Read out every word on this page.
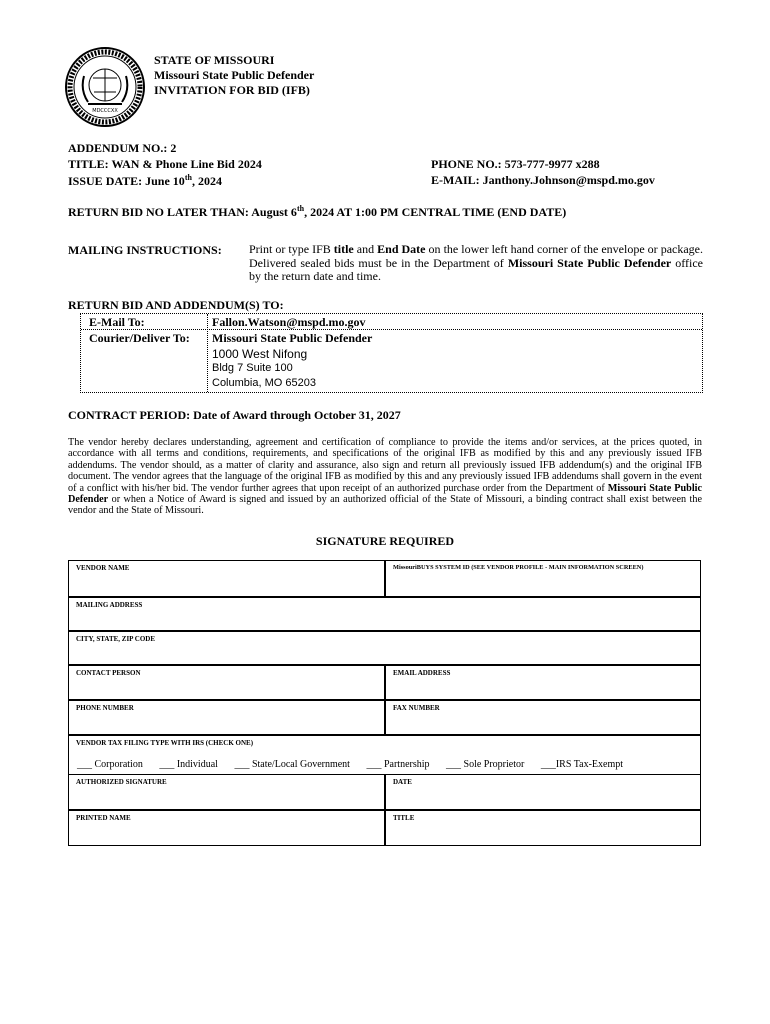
MDCCCXX
STATE OF MISSOURI
Missouri State Public Defender
INVITATION FOR BID (IFB)
ADDENDUM NO.: 2
TITLE: WAN & Phone Line Bid 2024
ISSUE DATE: June 10th, 2024
PHONE NO.: 573-777-9977 x288
E-MAIL: Janthony.Johnson@mspd.mo.gov
RETURN BID NO LATER THAN: August 6th, 2024 AT 1:00 PM CENTRAL TIME (END DATE)
MAILING INSTRUCTIONS: Print or type IFB title and End Date on the lower left hand corner of the envelope or package. Delivered sealed bids must be in the Department of Missouri State Public Defender office by the return date and time.
RETURN BID AND ADDENDUM(S) TO:
E-Mail To:	Fallon.Watson@mspd.mo.gov
Courier/Deliver To: Missouri State Public Defender
1000 West Nifong
Bldg 7 Suite 100
Columbia, MO 65203
CONTRACT PERIOD: Date of Award through October 31, 2027
The vendor hereby declares understanding, agreement and certification of compliance to provide the items and/or services, at the prices quoted, in accordance with all terms and conditions, requirements, and specifications of the original IFB as modified by this and any previously issued IFB addendums. The vendor should, as a matter of clarity and assurance, also sign and return all previously issued IFB addendum(s) and the original IFB document. The vendor agrees that the language of the original IFB as modified by this and any previously issued IFB addendums shall govern in the event of a conflict with his/her bid. The vendor further agrees that upon receipt of an authorized purchase order from the Department of Missouri State Public Defender or when a Notice of Award is signed and issued by an authorized official of the State of Missouri, a binding contract shall exist between the vendor and the State of Missouri.
SIGNATURE REQUIRED
VENDOR NAME	MissouriBUYS SYSTEM ID (SEE VENDOR PROFILE - MAIN INFORMATION SCREEN)
MAILING ADDRESS
CITY, STATE, ZIP CODE
CONTACT PERSON	EMAIL ADDRESS
PHONE NUMBER	FAX NUMBER
VENDOR TAX FILING TYPE WITH IRS (CHECK ONE)
___ Corporation ___ Individual ___ State/Local Government ___ Partnership ___ Sole Proprietor ___IRS Tax-Exempt
AUTHORIZED SIGNATURE	DATE
PRINTED NAME	TITLE
